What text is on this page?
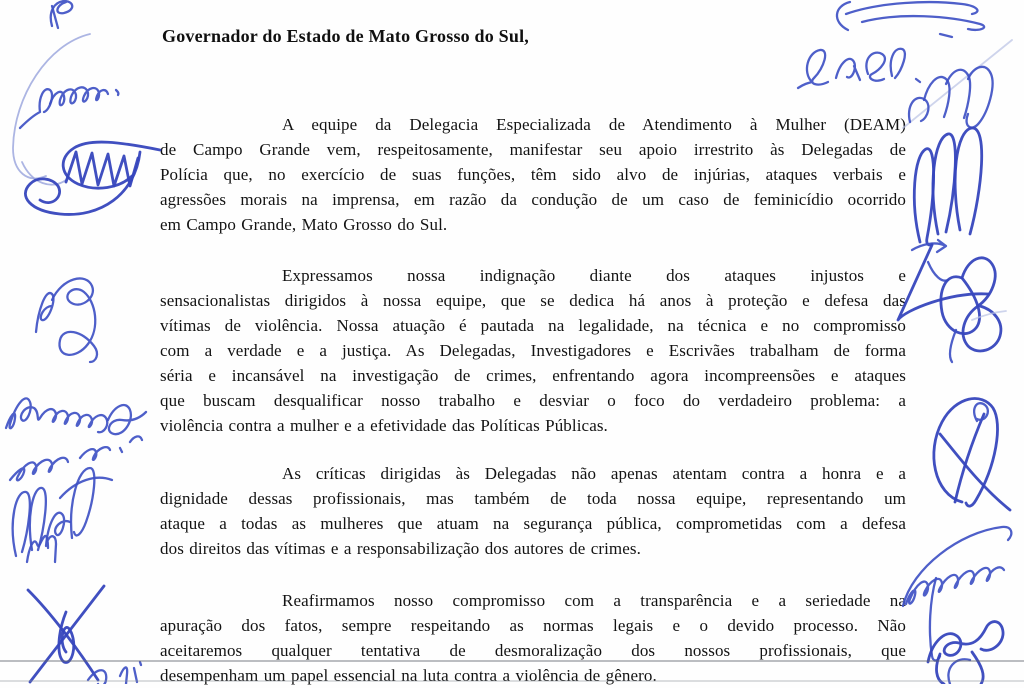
Governador do Estado de Mato Grosso do Sul,
A equipe da Delegacia Especializada de Atendimento à Mulher (DEAM)
de Campo Grande vem, respeitosamente, manifestar seu apoio irrestrito às Delegadas de
Polícia que, no exercício de suas funções, têm sido alvo de injúrias, ataques verbais e
agressões morais na imprensa, em razão da condução de um caso de feminicídio ocorrido
em Campo Grande, Mato Grosso do Sul.
Expressamos nossa indignação diante dos ataques injustos e
sensacionalistas dirigidos à nossa equipe, que se dedica há anos à proteção e defesa das
vítimas de violência. Nossa atuação é pautada na legalidade, na técnica e no compromisso
com a verdade e a justiça. As Delegadas, Investigadores e Escrivães trabalham de forma
séria e incansável na investigação de crimes, enfrentando agora incompreensões e ataques
que buscam desqualificar nosso trabalho e desviar o foco do verdadeiro problema: a
violência contra a mulher e a efetividade das Políticas Públicas.
As críticas dirigidas às Delegadas não apenas atentam contra a honra e a
dignidade dessas profissionais, mas também de toda nossa equipe, representando um
ataque a todas as mulheres que atuam na segurança pública, comprometidas com a defesa
dos direitos das vítimas e a responsabilização dos autores de crimes.
Reafirmamos nosso compromisso com a transparência e a seriedade na
apuração dos fatos, sempre respeitando as normas legais e o devido processo. Não
aceitaremos qualquer tentativa de desmoralização dos nossos profissionais, que
desempenham um papel essencial na luta contra a violência de gênero.
